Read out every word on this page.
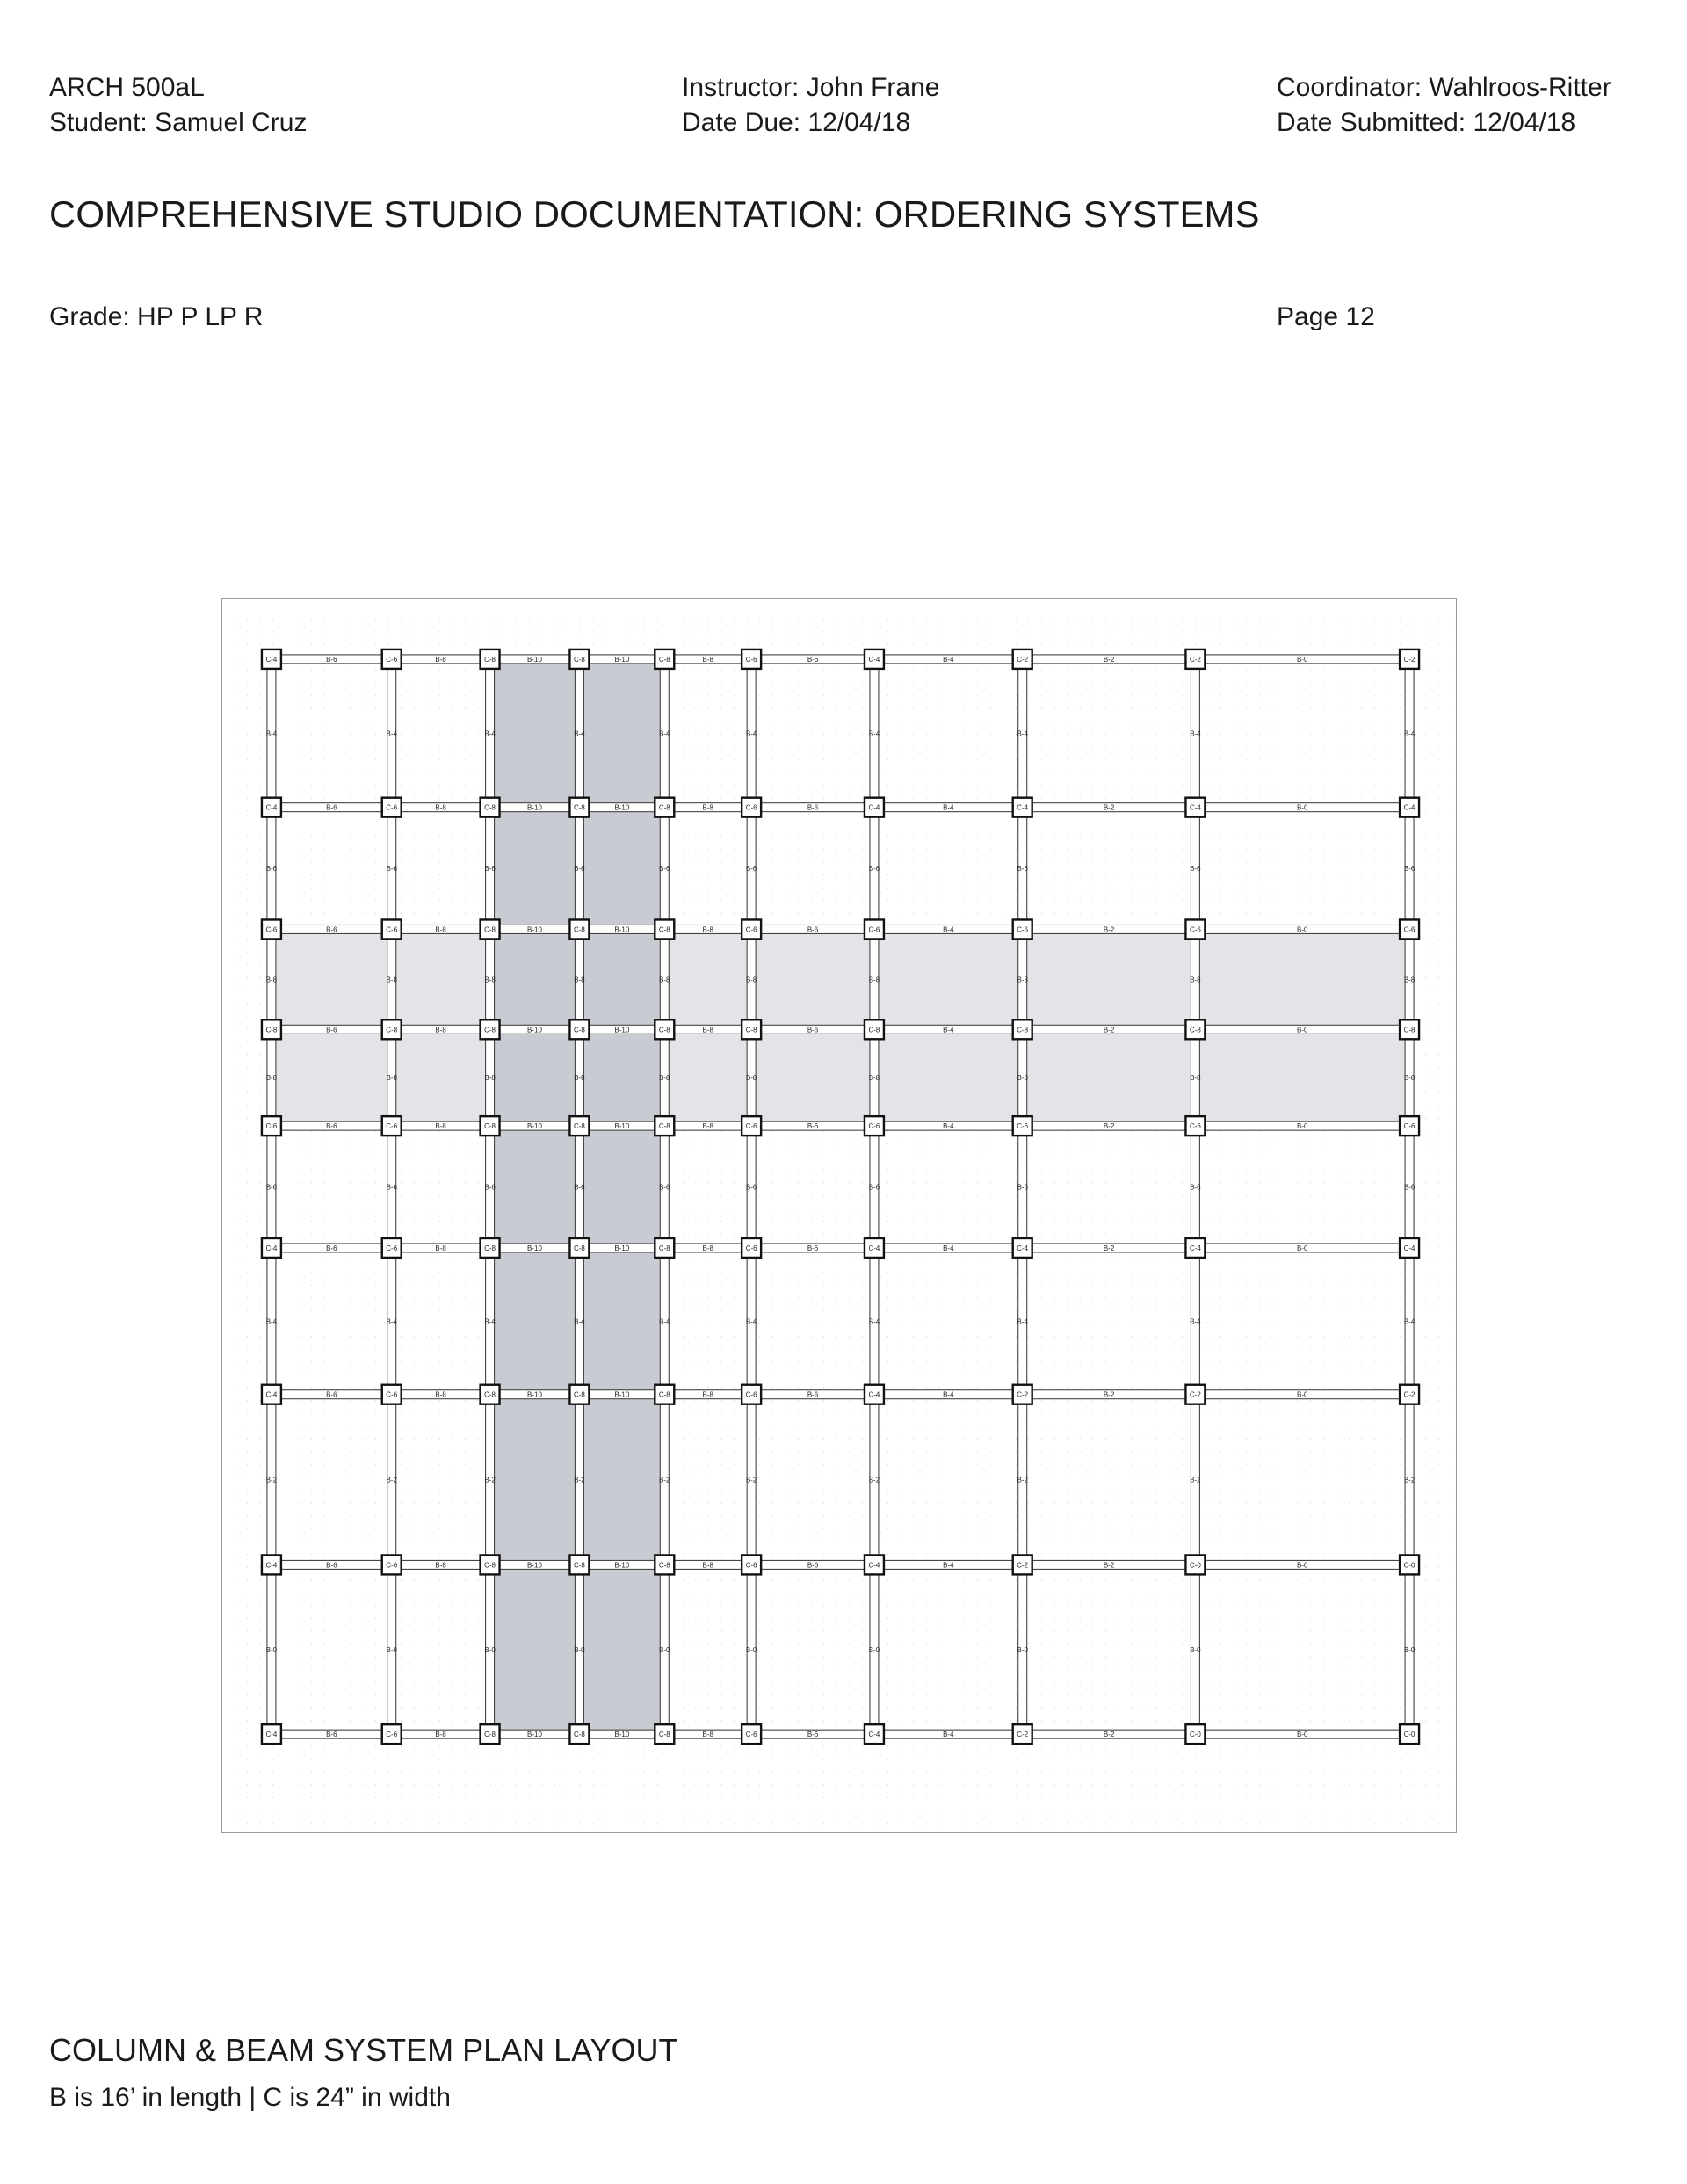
ARCH 500aL
Student: Samuel Cruz
Instructor: John Frane
Date Due: 12/04/18
Coordinator: Wahlroos-Ritter
Date Submitted: 12/04/18
COMPREHENSIVE STUDIO DOCUMENTATION: ORDERING SYSTEMS
Grade: HP P LP R	Page 12
B-6	B-8	B-10	B-10	B-8	B-6	B-4	B-2	B-0
B-6	B-8	B-10	B-10	B-8	B-6	B-4	B-2	B-0
B-6	B-8	B-10	B-10	B-8	B-6	B-4	B-2	B-0
B-6	B-8	B-10	B-10	B-8	B-6	B-4	B-2	B-0
B-6	B-8	B-10	B-10	B-8	B-6	B-4	B-2	B-0
B-6	B-8	B-10	B-10	B-8	B-6	B-4	B-2	B-0
B-6	B-8	B-10	B-10	B-8	B-6	B-4	B-2	B-0
B-6	B-8	B-10	B-10	B-8	B-6	B-4	B-2	B-0
B-6	B-8	B-10	B-10	B-8	B-6	B-4	B-2	B-0
B-4
B-6
B-8
B-8
B-6
B-4
B-2
B-0
B-4
B-6
B-8
B-8
B-6
B-4
B-2
B-0
B-4
B-6
B-8
B-8
B-6
B-4
B-2
B-0
B-4
B-6
B-8
B-8
B-6
B-4
B-2
B-0
B-4
B-6
B-8
B-8
B-6
B-4
B-2
B-0
B-4
B-6
B-8
B-8
B-6
B-4
B-2
B-0
B-4
B-6
B-8
B-8
B-6
B-4
B-2
B-0
B-4
B-6
B-8
B-8
B-6
B-4
B-2
B-0
B-4
B-6
B-8
B-8
B-6
B-4
B-2
B-0
B-4
B-6
B-8
B-8
B-6
B-4
B-2
B-0
C-4	C-6	C-8	C-8	C-8	C-6	C-4	C-2	C-2	C-2
C-4	C-6	C-8	C-8	C-8	C-6	C-4	C-4	C-4	C-4
C-6	C-6	C-8	C-8	C-8	C-6	C-6	C-6	C-6	C-6
C-8	C-8	C-8	C-8	C-8	C-8	C-8	C-8	C-8	C-8
C-6	C-6	C-8	C-8	C-8	C-6	C-6	C-6	C-6	C-6
C-4	C-6	C-8	C-8	C-8	C-6	C-4	C-4	C-4	C-4
C-4	C-6	C-8	C-8	C-8	C-6	C-4	C-2	C-2	C-2
C-4	C-6	C-8	C-8	C-8	C-6	C-4	C-2	C-0	C-0
C-4	C-6	C-8	C-8	C-8	C-6	C-4	C-2	C-0	C-0
COLUMN & BEAM SYSTEM PLAN LAYOUT
B is 16’ in length | C is 24” in width
